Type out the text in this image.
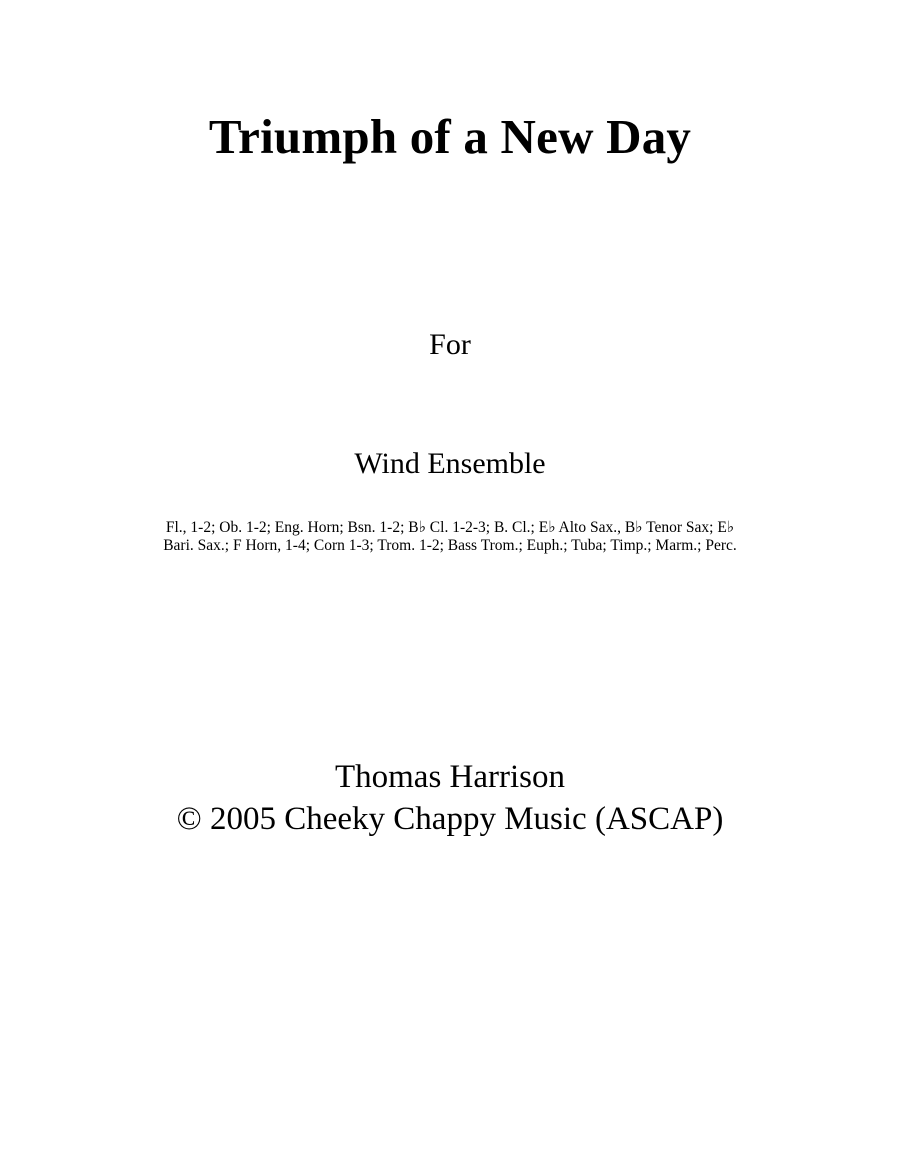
Triumph of a New Day
For
Wind Ensemble
Fl., 1-2; Ob. 1-2; Eng. Horn; Bsn. 1-2; B♭ Cl. 1-2-3; B. Cl.; E♭ Alto Sax., B♭ Tenor Sax; E♭
Bari. Sax.; F Horn, 1-4; Corn 1-3; Trom. 1-2; Bass Trom.; Euph.; Tuba; Timp.; Marm.; Perc.
Thomas Harrison
© 2005 Cheeky Chappy Music (ASCAP)
